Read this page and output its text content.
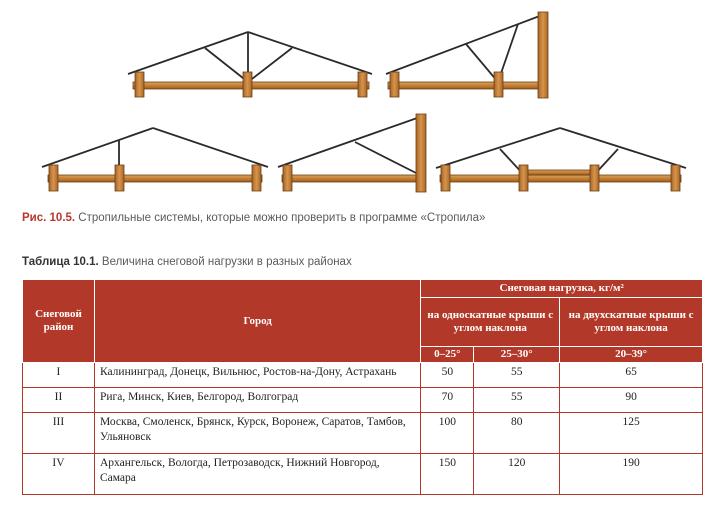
Рис. 10.5. Стропильные системы, которые можно проверить в программе «Стропила»
Таблица 10.1. Величина снеговой нагрузки в разных районах
Снеговой район	Город	Снеговая нагрузка, кг/м²		
		на односкатные крыши с углом наклона		на двухскатные крыши с углом наклона
		0–25°	25–30°	20–39°
I	Калининград, Донецк, Вильнюс, Ростов-на-Дону, Астрахань	50	55	65
II	Рига, Минск, Киев, Белгород, Волгоград	70	55	90
III	Москва, Смоленск, Брянск, Курск, Воронеж, Саратов, Тамбов, Ульяновск	100	80	125
IV	Архангельск, Вологда, Петрозаводск, Нижний Новгород, Самара	150	120	190
